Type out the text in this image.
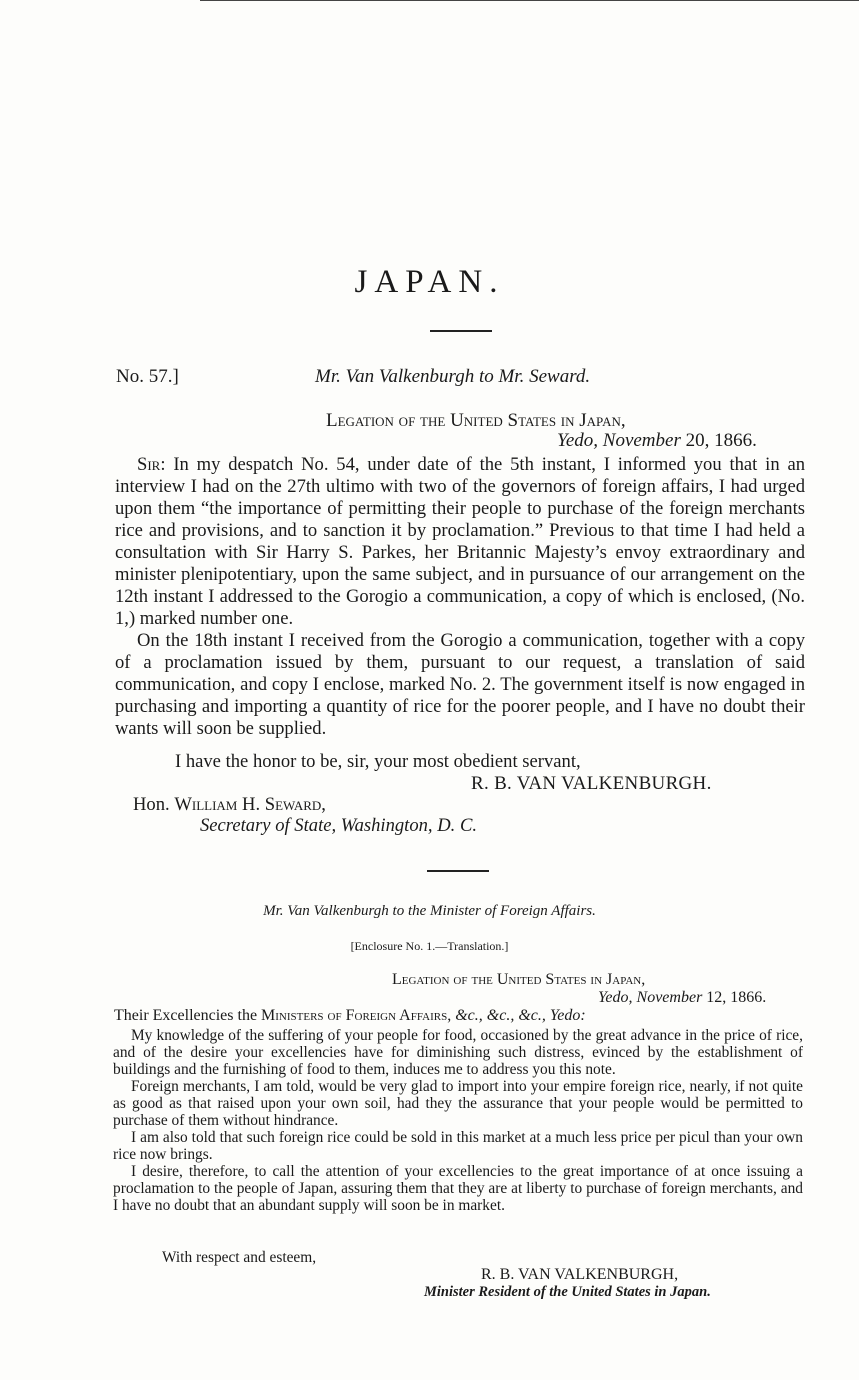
JAPAN.
No. 57.]	Mr. Van Valkenburgh to Mr. Seward.
Legation of the United States in Japan,
Yedo, November 20, 1866.

Sir: In my despatch No. 54, under date of the 5th instant, I informed you that in an interview I had on the 27th ultimo with two of the governors of foreign affairs, I had urged upon them “the importance of permitting their people to purchase of the foreign merchants rice and provisions, and to sanction it by proclamation.” Previous to that time I had held a consultation with Sir Harry S. Parkes, her Britannic Majesty’s envoy extraordinary and minister plenipotentiary, upon the same subject, and in pursuance of our arrangement on the 12th instant I addressed to the Gorogio a communication, a copy of which is enclosed, (No. 1,) marked number one.

On the 18th instant I received from the Gorogio a communication, together with a copy of a proclamation issued by them, pursuant to our request, a translation of said communication, and copy I enclose, marked No. 2. The government itself is now engaged in purchasing and importing a quantity of rice for the poorer people, and I have no doubt their wants will soon be supplied.

I have the honor to be, sir, your most obedient servant,
R. B. VAN VALKENBURGH.
Hon. William H. Seward,
Secretary of State, Washington, D. C.
Mr. Van Valkenburgh to the Minister of Foreign Affairs.
[Enclosure No. 1.—Translation.]
Legation of the United States in Japan,
Yedo, November 12, 1866.
Their Excellencies the Ministers of Foreign Affairs, &c., &c., &c., Yedo:

My knowledge of the suffering of your people for food, occasioned by the great advance in the price of rice, and of the desire your excellencies have for diminishing such distress, evinced by the establishment of buildings and the furnishing of food to them, induces me to address you this note.

Foreign merchants, I am told, would be very glad to import into your empire foreign rice, nearly, if not quite as good as that raised upon your own soil, had they the assurance that your people would be permitted to purchase of them without hindrance.

I am also told that such foreign rice could be sold in this market at a much less price per picul than your own rice now brings.

I desire, therefore, to call the attention of your excellencies to the great importance of at once issuing a proclamation to the people of Japan, assuring them that they are at liberty to purchase of foreign merchants, and I have no doubt that an abundant supply will soon be in market.

With respect and esteem,
R. B. VAN VALKENBURGH,
Minister Resident of the United States in Japan.
